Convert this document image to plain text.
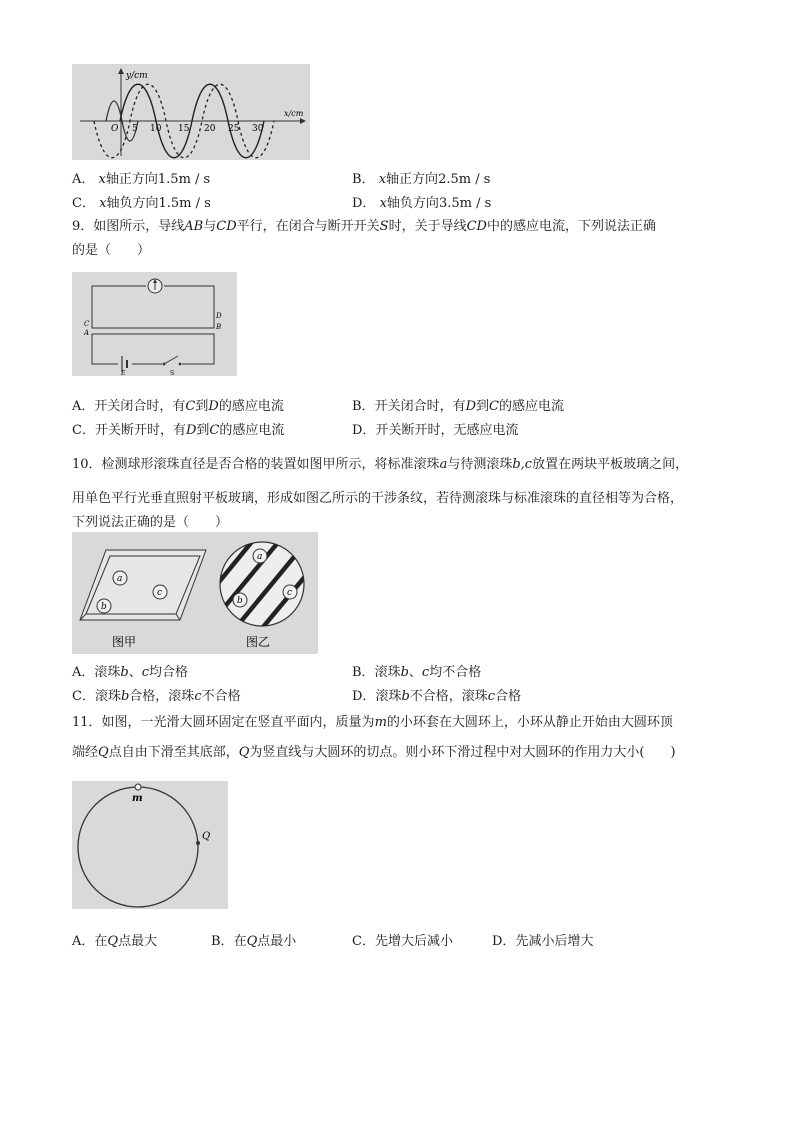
y/cm
x/cm
O 5 10 15 20 25 30
A． x轴正方向1.5m / s	B． x轴正方向2.5m / s
C． x轴负方向1.5m / s	D． x轴负方向3.5m / s
9．如图所示，导线AB与CD平行，在闭合与断开开关S时，关于导线CD中的感应电流，下列说法正确
的是（　　）
C
A
D
B
E	S
A．开关闭合时，有C到D的感应电流	B．开关闭合时，有D到C的感应电流
C．开关断开时，有D到C的感应电流	D．开关断开时，无感应电流
10．检测球形滚珠直径是否合格的装置如图甲所示，将标准滚珠a与待测滚珠b,c放置在两块平板玻璃之间，
用单色平行光垂直照射平板玻璃，形成如图乙所示的干涉条纹，若待测滚珠与标准滚珠的直径相等为合格，
下列说法正确的是（　　）
a
b
c
a
b
c
图甲	图乙
A．滚珠b、c均合格	B．滚珠b、c均不合格
C．滚珠b合格，滚珠c不合格	D．滚珠b不合格，滚珠c合格
11．如图，一光滑大圆环固定在竖直平面内，质量为m的小环套在大圆环上，小环从静止开始由大圆环顶
端经Q点自由下滑至其底部，Q为竖直线与大圆环的切点。则小环下滑过程中对大圆环的作用力大小(　　)
m
Q
A．在Q点最大	B．在Q点最小	C．先增大后减小	D．先减小后增大
